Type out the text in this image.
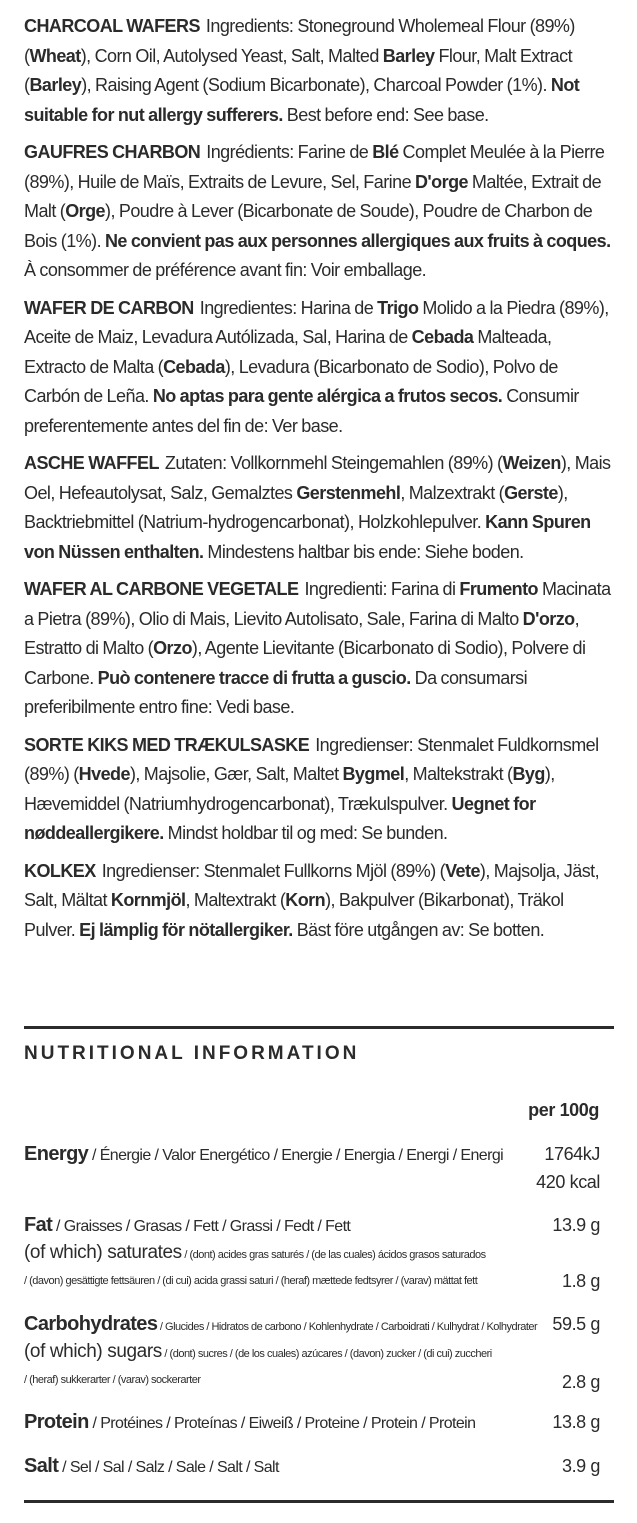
CHARCOAL WAFERS Ingredients: Stoneground Wholemeal Flour (89%) (Wheat), Corn Oil, Autolysed Yeast, Salt, Malted Barley Flour, Malt Extract (Barley), Raising Agent (Sodium Bicarbonate), Charcoal Powder (1%). Not suitable for nut allergy sufferers. Best before end: See base.

GAUFRES CHARBON Ingrédients: Farine de Blé Complet Meulée à la Pierre (89%), Huile de Maïs, Extraits de Levure, Sel, Farine D'orge Maltée, Extrait de Malt (Orge), Poudre à Lever (Bicarbonate de Soude), Poudre de Charbon de Bois (1%). Ne convient pas aux personnes allergiques aux fruits à coques. À consommer de préférence avant fin: Voir emballage.

WAFER DE CARBON Ingredientes: Harina de Trigo Molido a la Piedra (89%), Aceite de Maiz, Levadura Autólizada, Sal, Harina de Cebada Malteada, Extracto de Malta (Cebada), Levadura (Bicarbonato de Sodio), Polvo de Carbón de Leña. No aptas para gente alérgica a frutos secos. Consumir preferentemente antes del fin de: Ver base.

ASCHE WAFFEL Zutaten: Vollkornmehl Steingemahlen (89%) (Weizen), Mais Oel, Hefeautolysat, Salz, Gemalztes Gerstenmehl, Malzextrakt (Gerste), Backtriebmittel (Natrium-hydrogencarbonat), Holzkohlepulver. Kann Spuren von Nüssen enthalten. Mindestens haltbar bis ende: Siehe boden.

WAFER AL CARBONE VEGETALE Ingredienti: Farina di Frumento Macinata a Pietra (89%), Olio di Mais, Lievito Autolisato, Sale, Farina di Malto D'orzo, Estratto di Malto (Orzo), Agente Lievitante (Bicarbonato di Sodio), Polvere di Carbone. Può contenere tracce di frutta a guscio. Da consumarsi preferibilmente entro fine: Vedi base.

SORTE KIKS MED TRÆKULSASKE Ingredienser: Stenmalet Fuldkornsmel (89%) (Hvede), Majsolie, Gær, Salt, Maltet Bygmel, Maltekstrakt (Byg), Hævemiddel (Natriumhydrogencarbonat), Trækulspulver. Uegnet for nøddeallergikere. Mindst holdbar til og med: Se bunden.

KOLKEX Ingredienser: Stenmalet Fullkorns Mjöl (89%) (Vete), Majsolja, Jäst, Salt, Mältat Kornmjöl, Maltextrakt (Korn), Bakpulver (Bikarbonat), Träkol Pulver. Ej lämplig för nötallergiker. Bäst före utgången av: Se botten.

NUTRITIONAL INFORMATION
per 100g
Energy / Énergie / Valor Energético / Energie / Energia / Energi / Energi 1764kJ
420 kcal
Fat / Graisses / Grasas / Fett / Grassi / Fedt / Fett	13.9 g
(of which) saturates / (dont) acides gras saturés / (de las cuales) ácidos grasos saturados
/ (davon) gesättigte fettsäuren / (di cui) acida grassi saturi / (heraf) mættede fedtsyrer / (varav) mättat fett	1.8 g
Carbohydrates / Glucides / Hidratos de carbono / Kohlenhydrate / Carboidrati / Kulhydrat / Kolhydrater 59.5 g
(of which) sugars / (dont) sucres / (de los cuales) azúcares / (davon) zucker / (di cui) zuccheri
/ (heraf) sukkerarter / (varav) sockerarter	2.8 g
Protein / Protéines / Proteínas / Eiweiß / Proteine / Protein / Protein	13.8 g
Salt / Sel / Sal / Salz / Sale / Salt / Salt	3.9 g
